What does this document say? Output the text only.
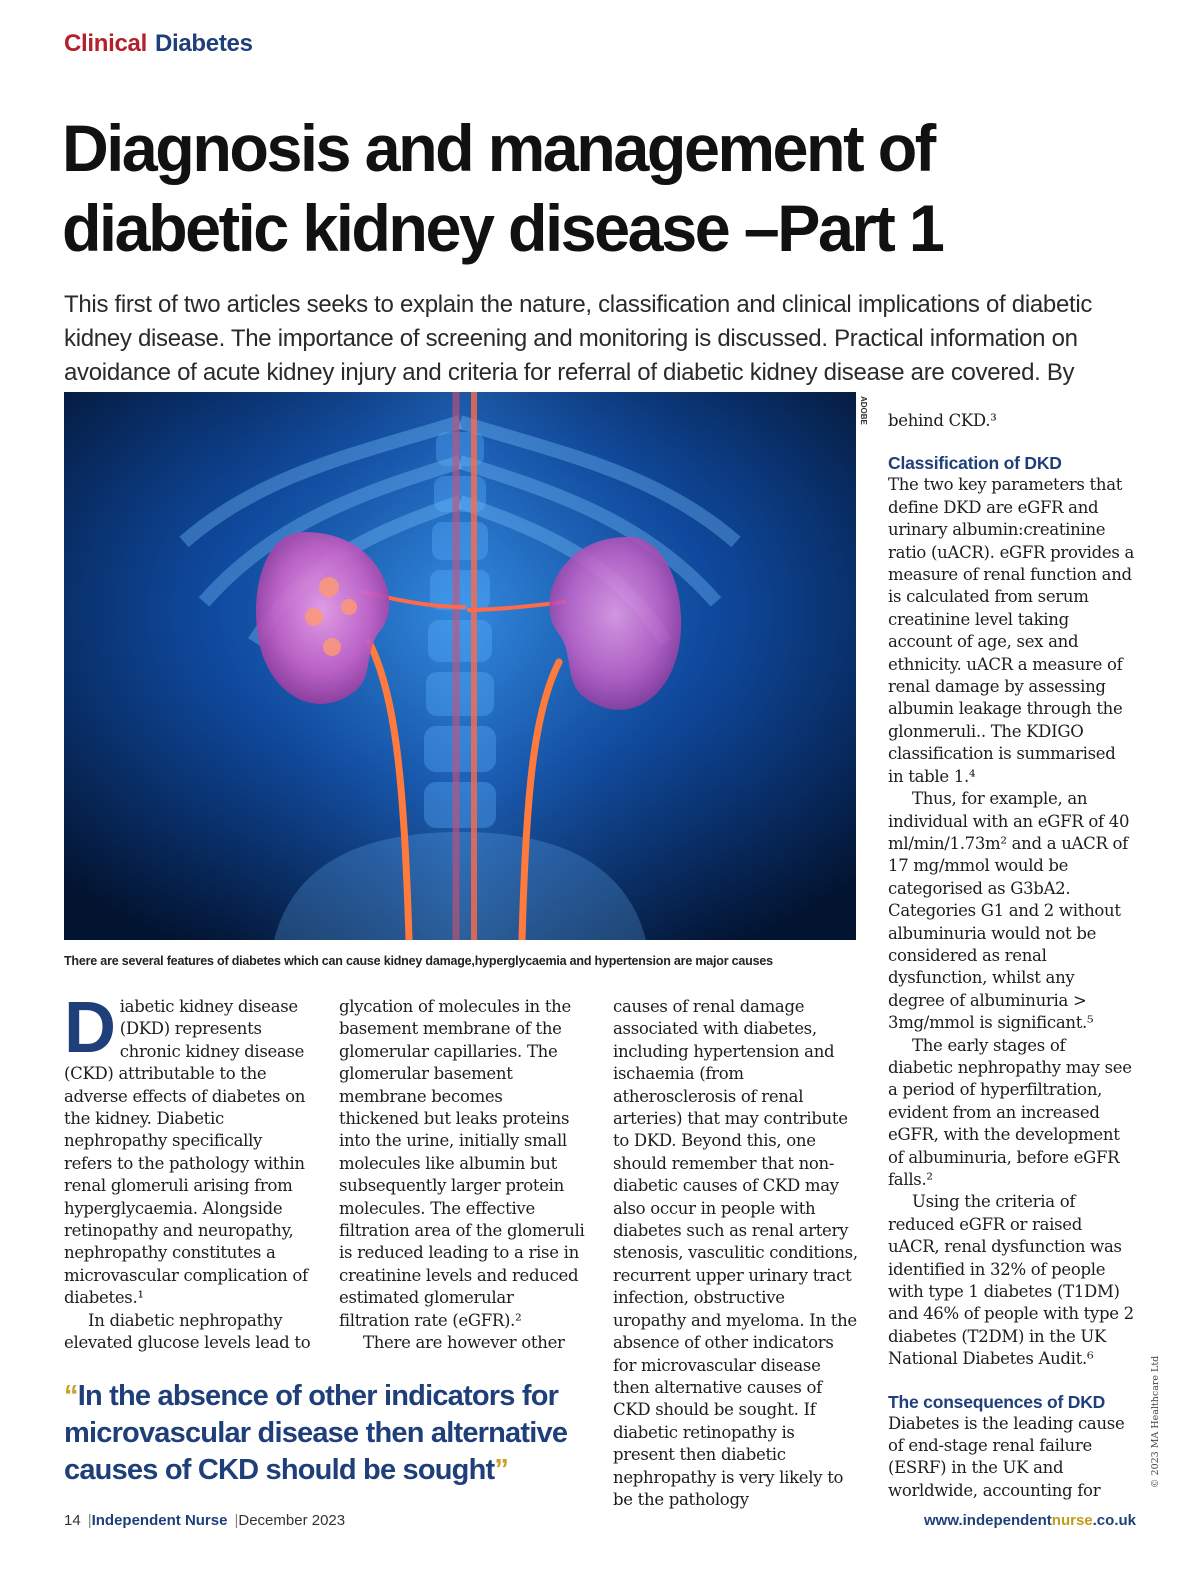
Clinical Diabetes
Diagnosis and management of diabetic kidney disease –Part 1
This first of two articles seeks to explain the nature, classification and clinical implications of diabetic kidney disease. The importance of screening and monitoring is discussed. Practical information on avoidance of acute kidney injury and criteria for referral of diabetic kidney disease are covered. By
ADOBE
There are several features of diabetes which can cause kidney damage,hyperglycaemia and hypertension are major causes

Diabetic kidney disease (DKD) represents chronic kidney disease (CKD) attributable to the adverse effects of diabetes on the kidney. Diabetic nephropathy specifically refers to the pathology within renal glomeruli arising from hyperglycaemia. Alongside retinopathy and neuropathy, nephropathy constitutes a microvascular complication of diabetes.¹

In diabetic nephropathy elevated glucose levels lead to

glycation of molecules in the basement membrane of the glomerular capillaries. The glomerular basement membrane becomes thickened but leaks proteins into the urine, initially small molecules like albumin but subsequently larger protein molecules. The effective filtration area of the glomeruli is reduced leading to a rise in creatinine levels and reduced estimated glomerular filtration rate (eGFR).²

There are however other

causes of renal damage associated with diabetes, including hypertension and ischaemia (from atherosclerosis of renal arteries) that may contribute to DKD. Beyond this, one should remember that non-diabetic causes of CKD may also occur in people with diabetes such as renal artery stenosis, vasculitic conditions, recurrent upper urinary tract infection, obstructive uropathy and myeloma. In the absence of other indicators for microvascular disease then alternative causes of CKD should be sought. If diabetic retinopathy is present then diabetic nephropathy is very likely to be the pathology

behind CKD.³

Classification of DKD

The two key parameters that define DKD are eGFR and urinary albumin:creatinine ratio (uACR). eGFR provides a measure of renal function and is calculated from serum creatinine level taking account of age, sex and ethnicity. uACR a measure of renal damage by assessing albumin leakage through the glonmeruli.. The KDIGO classification is summarised in table 1.⁴

Thus, for example, an individual with an eGFR of 40 ml/min/1.73m² and a uACR of 17 mg/mmol would be categorised as G3bA2. Categories G1 and 2 without albuminuria would not be considered as renal dysfunction, whilst any degree of albuminuria > 3mg/mmol is significant.⁵

The early stages of diabetic nephropathy may see a period of hyperfiltration, evident from an increased eGFR, with the development of albuminuria, before eGFR falls.²

Using the criteria of reduced eGFR or raised uACR, renal dysfunction was identified in 32% of people with type 1 diabetes (T1DM) and 46% of people with type 2 diabetes (T2DM) in the UK National Diabetes Audit.⁶

The consequences of DKD

Diabetes is the leading cause of end-stage renal failure (ESRF) in the UK and worldwide, accounting for

“In the absence of other indicators for microvascular disease then alternative causes of CKD should be sought”	© 2023 MA Healthcare Ltd
14 |Independent Nurse |December 2023	www.independentnurse.co.uk
